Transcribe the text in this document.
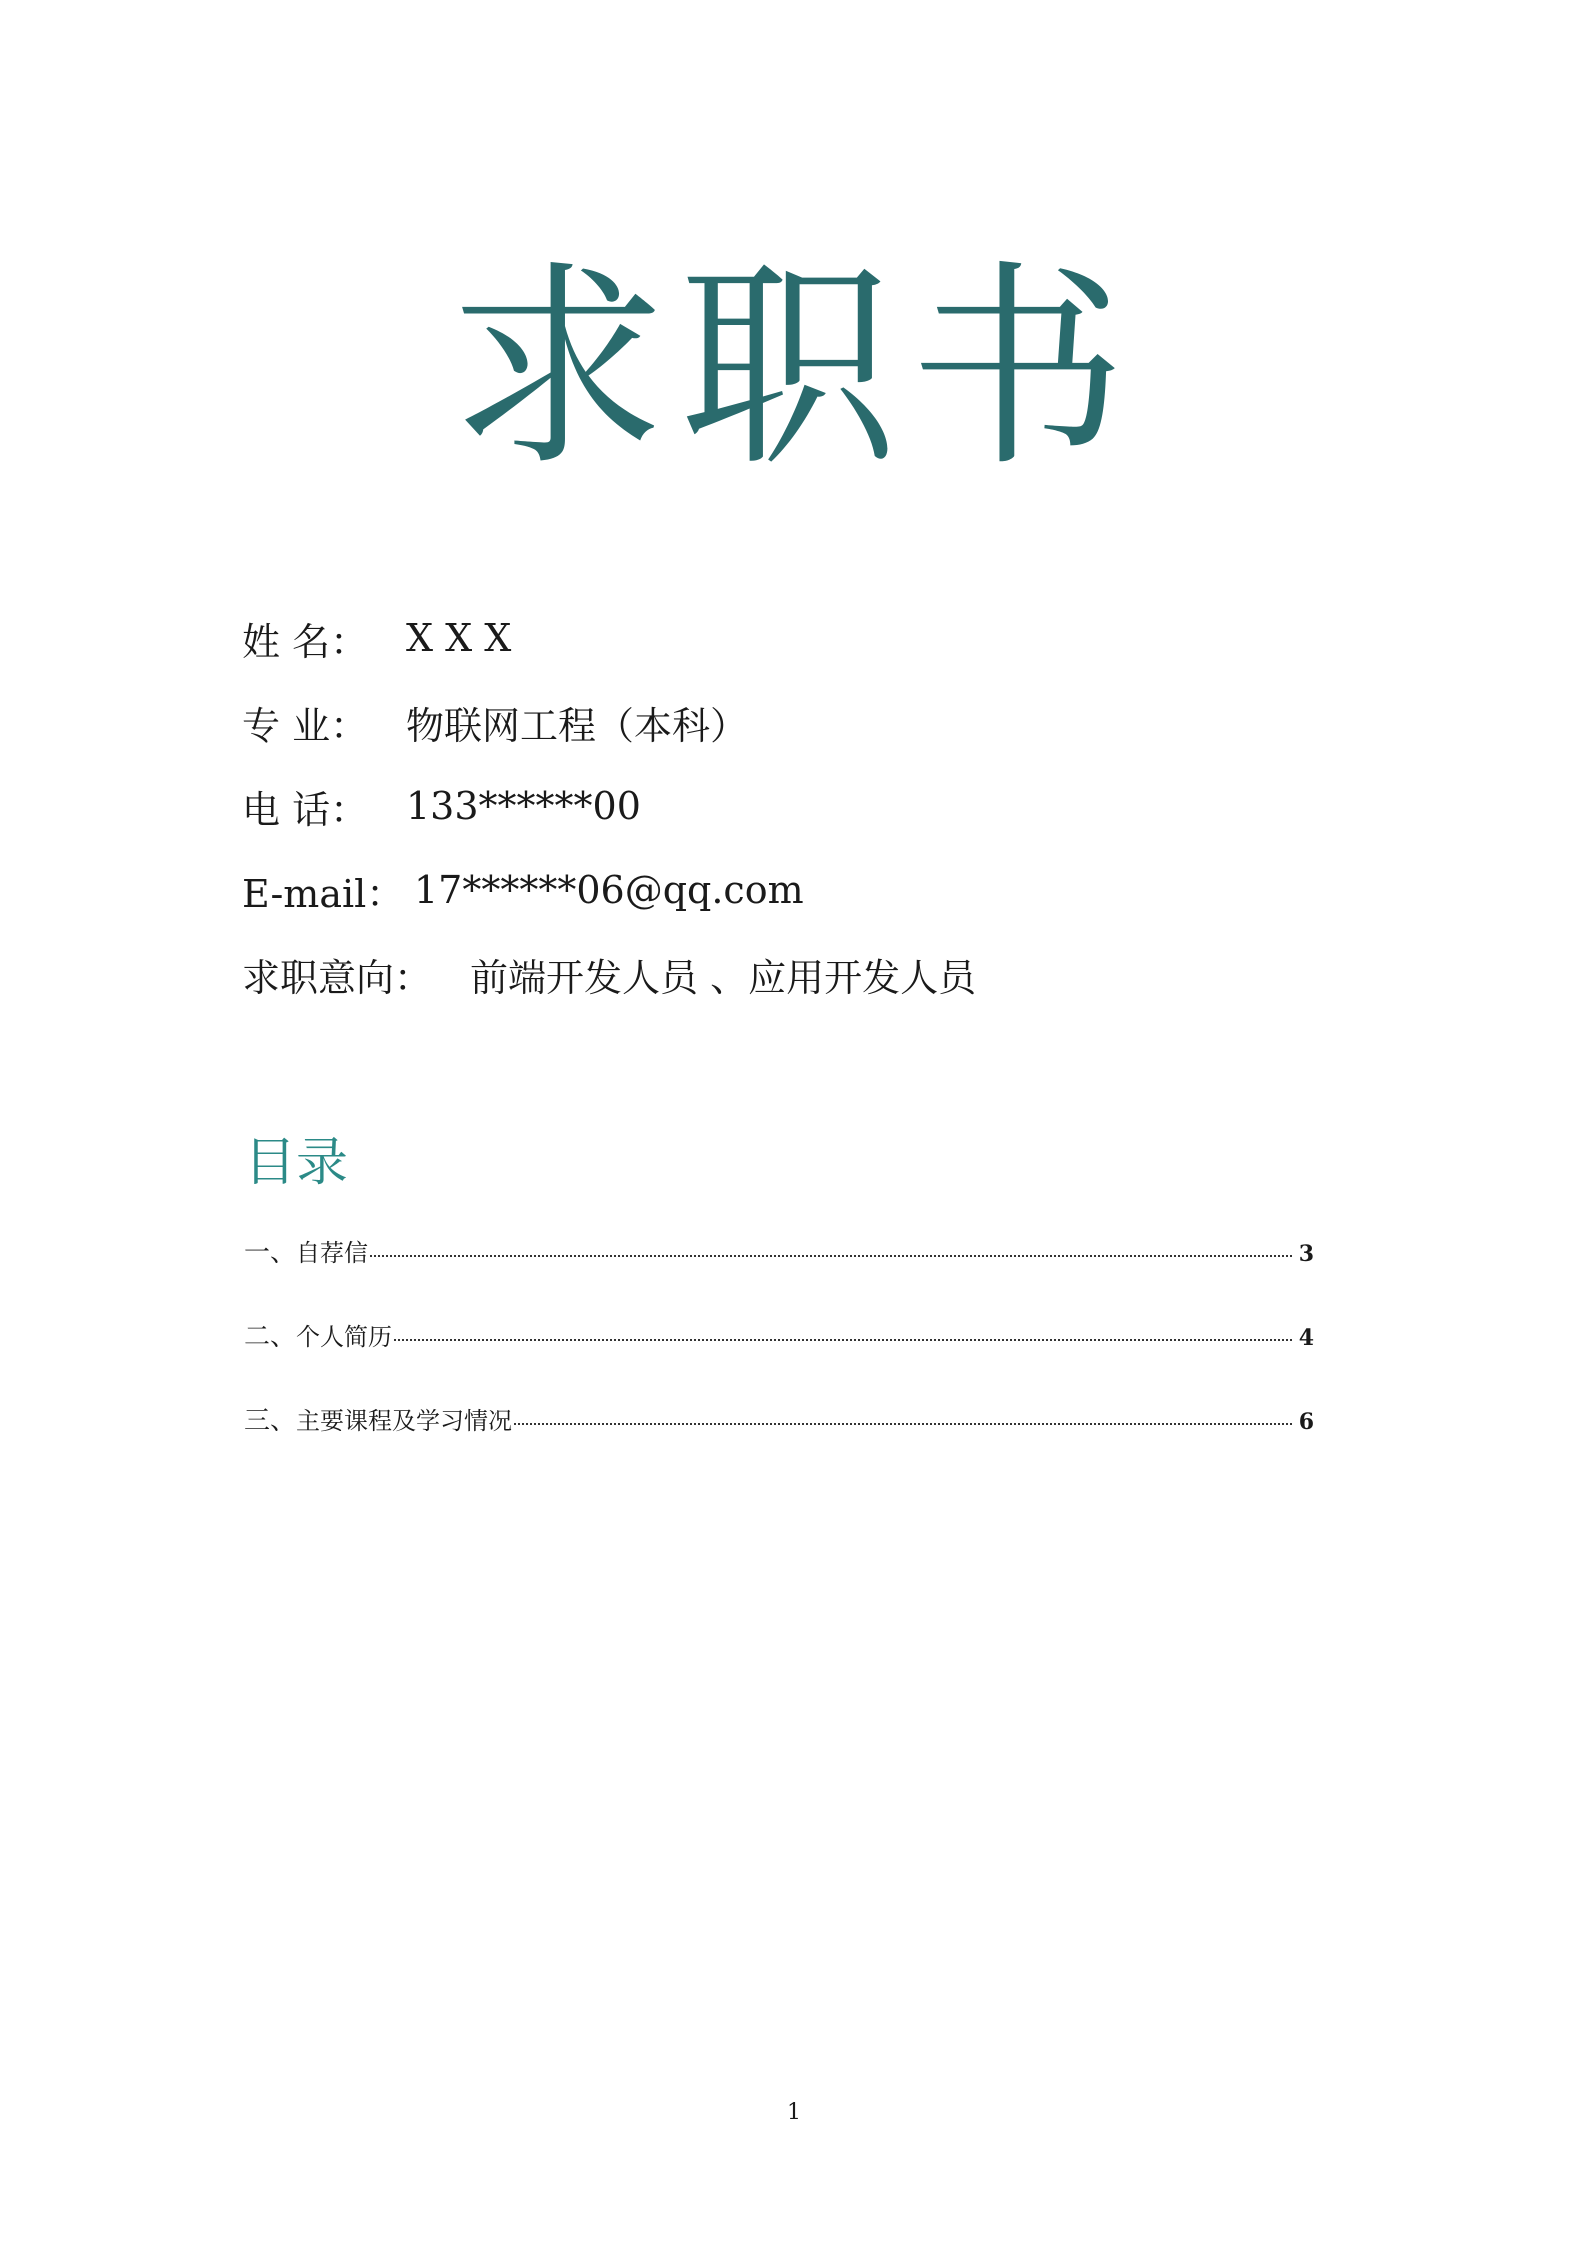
求职书
姓 名： X X X
专 业： 物联网工程（本科）
电 话： 133******00
E-mail： 17******06@qq.com
求职意向： 前端开发人员 、应用开发人员
目录
一、 自荐信	3
二、 个人简历	4
三、 主要课程及学习情况	6
1
